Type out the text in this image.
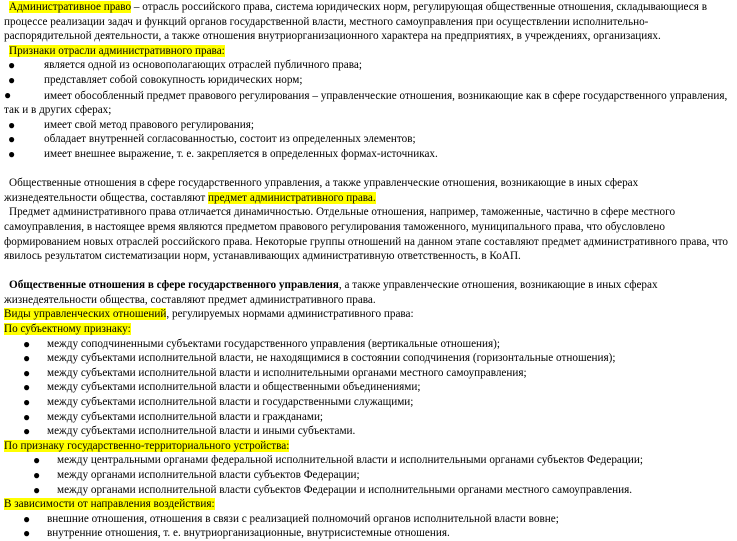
Административное право – отрасль российского права, система юридических норм, регулирующая общественные отношения, складывающиеся в процессе реализации задач и функций органов государственной власти, местного самоуправления при осуществлении исполнительно-распорядительной деятельности, а также отношения внутриорганизационного характера на предприятиях, в учреждениях, организациях.

Признаки отрасли административного права:

●	является одной из основополагающих отраслей публичного права;
●	представляет собой совокупность юридических норм;
●	имеет обособленный предмет правового регулирования – управленческие отношения, возникающие как в сфере государственного управления, так и в других сферах;
●	имеет свой метод правового регулирования;
●	обладает внутренней согласованностью, состоит из определенных элементов;
●	имеет внешнее выражение, т. е. закрепляется в определенных формах-источниках.

Общественные отношения в сфере государственного управления, а также управленческие отношения, возникающие в иных сферах жизнедеятельности общества, составляют предмет административного права.

Предмет административного права отличается динамичностью. Отдельные отношения, например, таможенные, частично в сфере местного самоуправления, в настоящее время являются предметом правового регулирования таможенного, муниципального права, что обусловлено формированием новых отраслей российского права. Некоторые группы отношений на данном этапе составляют предмет административного права, что явилось результатом систематизации норм, устанавливающих административную ответственность, в КоАП.

Общественные отношения в сфере государственного управления, а также управленческие отношения, возникающие в иных сферах жизнедеятельности общества, составляют предмет административного права.

Виды управленческих отношений, регулируемых нормами административного права:

По субъектному признаку:

● между соподчиненными субъектами государственного управления (вертикальные отношения);
● между субъектами исполнительной власти, не находящимися в состоянии соподчинения (горизонтальные отношения);
● между субъектами исполнительной власти и исполнительными органами местного самоуправления;
● между субъектами исполнительной власти и общественными объединениями;
● между субъектами исполнительной власти и государственными служащими;
● между субъектами исполнительной власти и гражданами;
● между субъектами исполнительной власти и иными субъектами.

По признаку государственно-территориального устройства:

● между центральными органами федеральной исполнительной власти и исполнительными органами субъектов Федерации;
● между органами исполнительной власти субъектов Федерации;
● между органами исполнительной власти субъектов Федерации и исполнительными органами местного самоуправления.

В зависимости от направления воздействия:

● внешние отношения, отношения в связи с реализацией полномочий органов исполнительной власти вовне;
● внутренние отношения, т. е. внутриорганизационные, внутрисистемные отношения.
